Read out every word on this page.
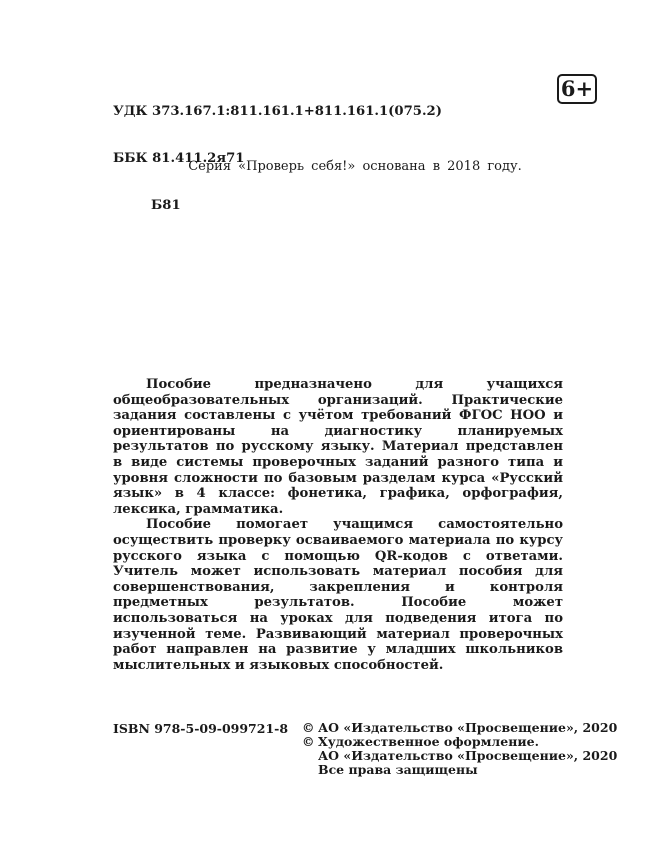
УДК 373.167.1:811.161.1+811.161.1(075.2)

ББК 81.411.2я71

Б81

6+
Серия «Проверь себя!» основана в 2018 году.

Пособие предназначено для учащихся общеобразовательных организаций. Практические задания составлены с учётом требований ФГОС НОО и ориентированы на диагностику планируемых результатов по русскому языку. Материал представлен в виде системы проверочных заданий разного типа и уровня сложности по базовым разделам курса «Русский язык» в 4 классе: фонетика, графика, орфография, лексика, грамматика.

Пособие помогает учащимся самостоятельно осуществить проверку осваиваемого материала по курсу русского языка с помощью QR-кодов с ответами. Учитель может использовать материал пособия для совершенствования, закрепления и контроля предметных результатов. Пособие может использоваться на уроках для подведения итога по изученной теме. Развивающий материал проверочных работ направлен на развитие у младших школьников мыслительных и языковых способностей.

ISBN 978-5-09-099721-8 © АО «Издательство «Просвещение», 2020
© Художественное оформление.
АО «Издательство «Просвещение», 2020
Все права защищены
